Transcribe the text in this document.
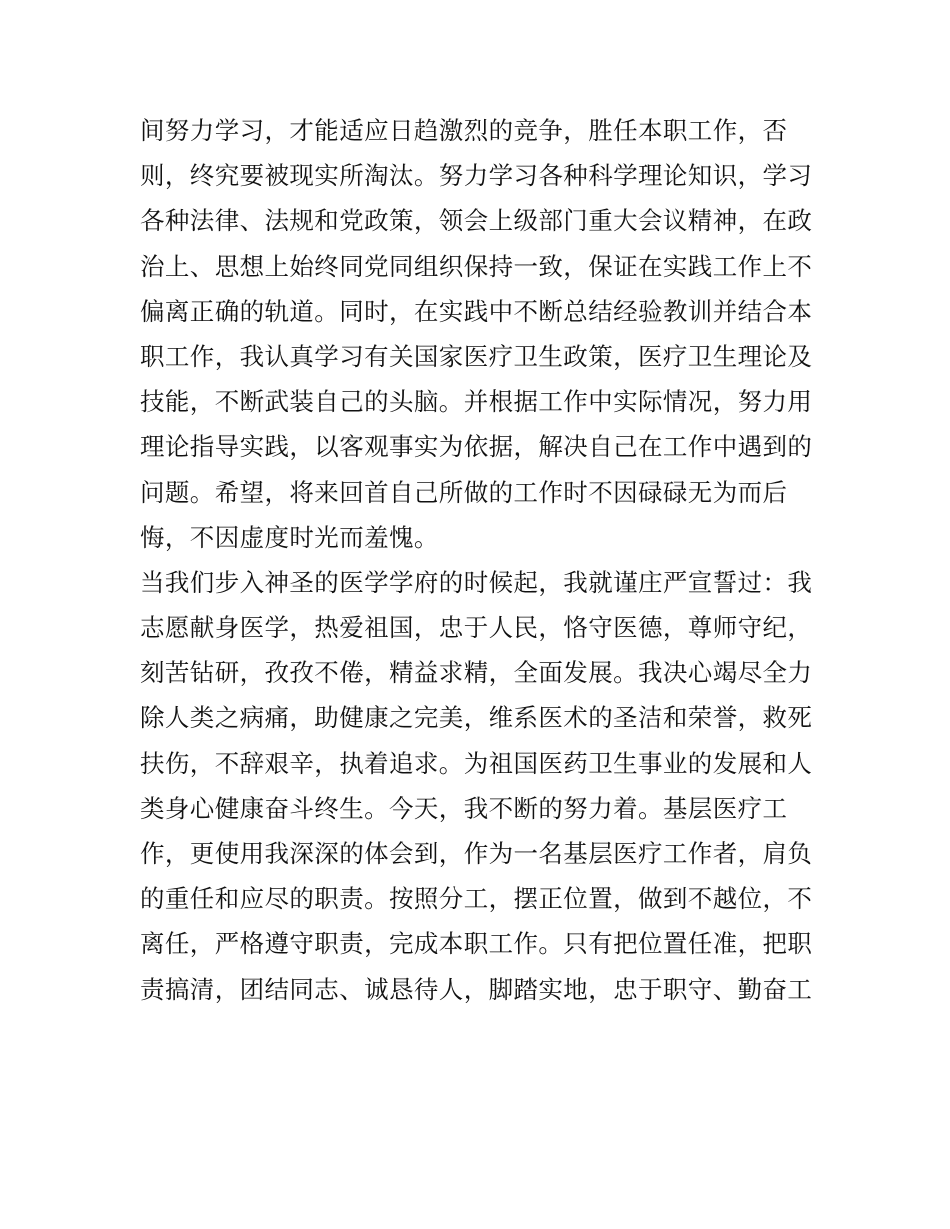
间努力学习，才能适应日趋激烈的竞争，胜任本职工作，否
则，终究要被现实所淘汰。努力学习各种科学理论知识，学习
各种法律、法规和党政策，领会上级部门重大会议精神，在政
治上、思想上始终同党同组织保持一致，保证在实践工作上不
偏离正确的轨道。同时，在实践中不断总结经验教训并结合本
职工作，我认真学习有关国家医疗卫生政策，医疗卫生理论及
技能，不断武装自己的头脑。并根据工作中实际情况，努力用
理论指导实践，以客观事实为依据，解决自己在工作中遇到的
问题。希望，将来回首自己所做的工作时不因碌碌无为而后
悔，不因虚度时光而羞愧。
当我们步入神圣的医学学府的时候起，我就谨庄严宣誓过：我
志愿献身医学，热爱祖国，忠于人民，恪守医德，尊师守纪，
刻苦钻研，孜孜不倦，精益求精，全面发展。我决心竭尽全力
除人类之病痛，助健康之完美，维系医术的圣洁和荣誉，救死
扶伤，不辞艰辛，执着追求。为祖国医药卫生事业的发展和人
类身心健康奋斗终生。今天，我不断的努力着。基层医疗工
作，更使用我深深的体会到，作为一名基层医疗工作者，肩负
的重任和应尽的职责。按照分工，摆正位置，做到不越位，不
离任，严格遵守职责，完成本职工作。只有把位置任准，把职
责搞清，团结同志、诚恳待人，脚踏实地，忠于职守、勤奋工
